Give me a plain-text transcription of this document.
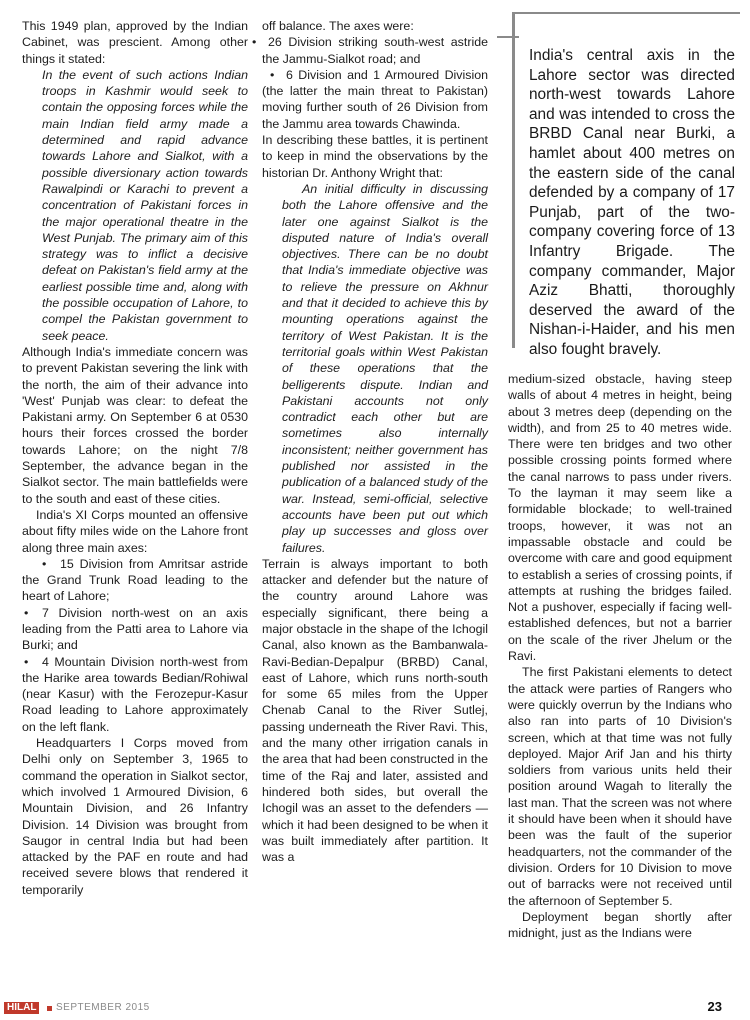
This 1949 plan, approved by the Indian Cabinet, was prescient. Among other things it stated:

In the event of such actions Indian troops in Kashmir would seek to contain the opposing forces while the main Indian field army made a determined and rapid advance towards Lahore and Sialkot, with a possible diversionary action towards Rawalpindi or Karachi to prevent a concentration of Pakistani forces in the major operational theatre in the West Punjab. The primary aim of this strategy was to inflict a decisive defeat on Pakistan's field army at the earliest possible time and, along with the possible occupation of Lahore, to compel the Pakistan government to seek peace.

Although India's immediate concern was to prevent Pakistan severing the link with the north, the aim of their advance into 'West' Punjab was clear: to defeat the Pakistani army. On September 6 at 0530 hours their forces crossed the border towards Lahore; on the night 7/8 September, the advance began in the Sialkot sector. The main battlefields were to the south and east of these cities.

India's XI Corps mounted an offensive about fifty miles wide on the Lahore front along three main axes:

• 15 Division from Amritsar astride the Grand Trunk Road leading to the heart of Lahore;
• 7 Division north-west on an axis leading from the Patti area to Lahore via Burki; and
• 4 Mountain Division north-west from the Harike area towards Bedian/Rohiwal (near Kasur) with the Ferozepur-Kasur Road leading to Lahore approximately on the left flank.

Headquarters I Corps moved from Delhi only on September 3, 1965 to command the operation in Sialkot sector, which involved 1 Armoured Division, 6 Mountain Division, and 26 Infantry Division. 14 Division was brought from Saugor in central India but had been attacked by the PAF en route and had received severe blows that rendered it temporarily

off balance. The axes were:

• 26 Division striking south-west astride the Jammu-Sialkot road; and
• 6 Division and 1 Armoured Division (the latter the main threat to Pakistan) moving further south of 26 Division from the Jammu area towards Chawinda.

In describing these battles, it is pertinent to keep in mind the observations by the historian Dr. Anthony Wright that:

An initial difficulty in discussing both the Lahore offensive and the later one against Sialkot is the disputed nature of India's overall objectives. There can be no doubt that India's immediate objective was to relieve the pressure on Akhnur and that it decided to achieve this by mounting operations against the territory of West Pakistan. It is the territorial goals within West Pakistan of these operations that the belligerents dispute. Indian and Pakistani accounts not only contradict each other but are sometimes also internally inconsistent; neither government has published nor assisted in the publication of a balanced study of the war. Instead, semi-official, selective accounts have been put out which play up successes and gloss over failures.

Terrain is always important to both attacker and defender but the nature of the country around Lahore was especially significant, there being a major obstacle in the shape of the Ichogil Canal, also known as the Bambanwala-Ravi-Bedian-Depalpur (BRBD) Canal, east of Lahore, which runs north-south for some 65 miles from the Upper Chenab Canal to the River Sutlej, passing underneath the River Ravi. This, and the many other irrigation canals in the area that had been constructed in the time of the Raj and later, assisted and hindered both sides, but overall the Ichogil was an asset to the defenders — which it had been designed to be when it was built immediately after partition. It was a

India's central axis in the Lahore sector was directed north-west towards Lahore and was intended to cross the BRBD Canal near Burki, a hamlet about 400 metres on the eastern side of the canal defended by a company of 17 Punjab, part of the two-company covering force of 13 Infantry Brigade. The company commander, Major Aziz Bhatti, thoroughly deserved the award of the Nishan-i-Haider, and his men also fought bravely.

medium-sized obstacle, having steep walls of about 4 metres in height, being about 3 metres deep (depending on the width), and from 25 to 40 metres wide. There were ten bridges and two other possible crossing points formed where the canal narrows to pass under rivers. To the layman it may seem like a formidable blockade; to well-trained troops, however, it was not an impassable obstacle and could be overcome with care and good equipment to establish a series of crossing points, if attempts at rushing the bridges failed. Not a pushover, especially if facing well-established defences, but not a barrier on the scale of the river Jhelum or the Ravi.

The first Pakistani elements to detect the attack were parties of Rangers who were quickly overrun by the Indians who also ran into parts of 10 Division's screen, which at that time was not fully deployed. Major Arif Jan and his thirty soldiers from various units held their position around Wagah to literally the last man. That the screen was not where it should have been when it should have been was the fault of the superior headquarters, not the commander of the division. Orders for 10 Division to move out of barracks were not received until the afternoon of September 5.

Deployment began shortly after midnight, just as the Indians were

HILAL	SEPTEMBER 2015	23
